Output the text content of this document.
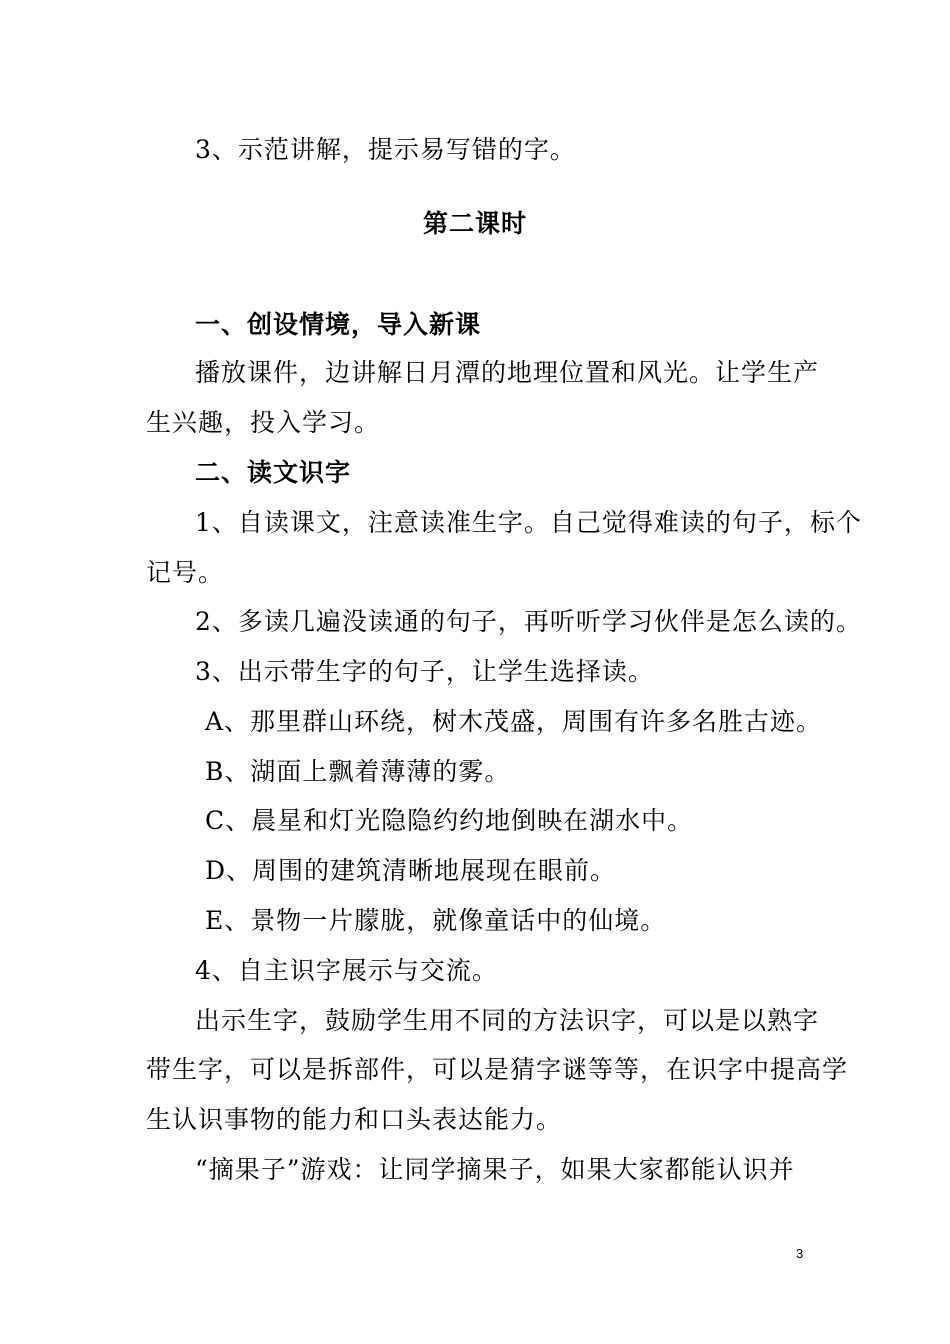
3、示范讲解，提示易写错的字。
第二课时
一、创设情境，导入新课
播放课件，边讲解日月潭的地理位置和风光。让学生产
生兴趣，投入学习。
二、读文识字
1、自读课文，注意读准生字。自己觉得难读的句子，标个
记号。
2、多读几遍没读通的句子，再听听学习伙伴是怎么读的。
3、出示带生字的句子，让学生选择读。
A、那里群山环绕，树木茂盛，周围有许多名胜古迹。
B、湖面上飘着薄薄的雾。
C、晨星和灯光隐隐约约地倒映在湖水中。
D、周围的建筑清晰地展现在眼前。
E、景物一片朦胧，就像童话中的仙境。
4、自主识字展示与交流。
出示生字，鼓励学生用不同的方法识字，可以是以熟字
带生字，可以是拆部件，可以是猜字谜等等，在识字中提高学
生认识事物的能力和口头表达能力。
“摘果子”游戏：让同学摘果子，如果大家都能认识并
3
